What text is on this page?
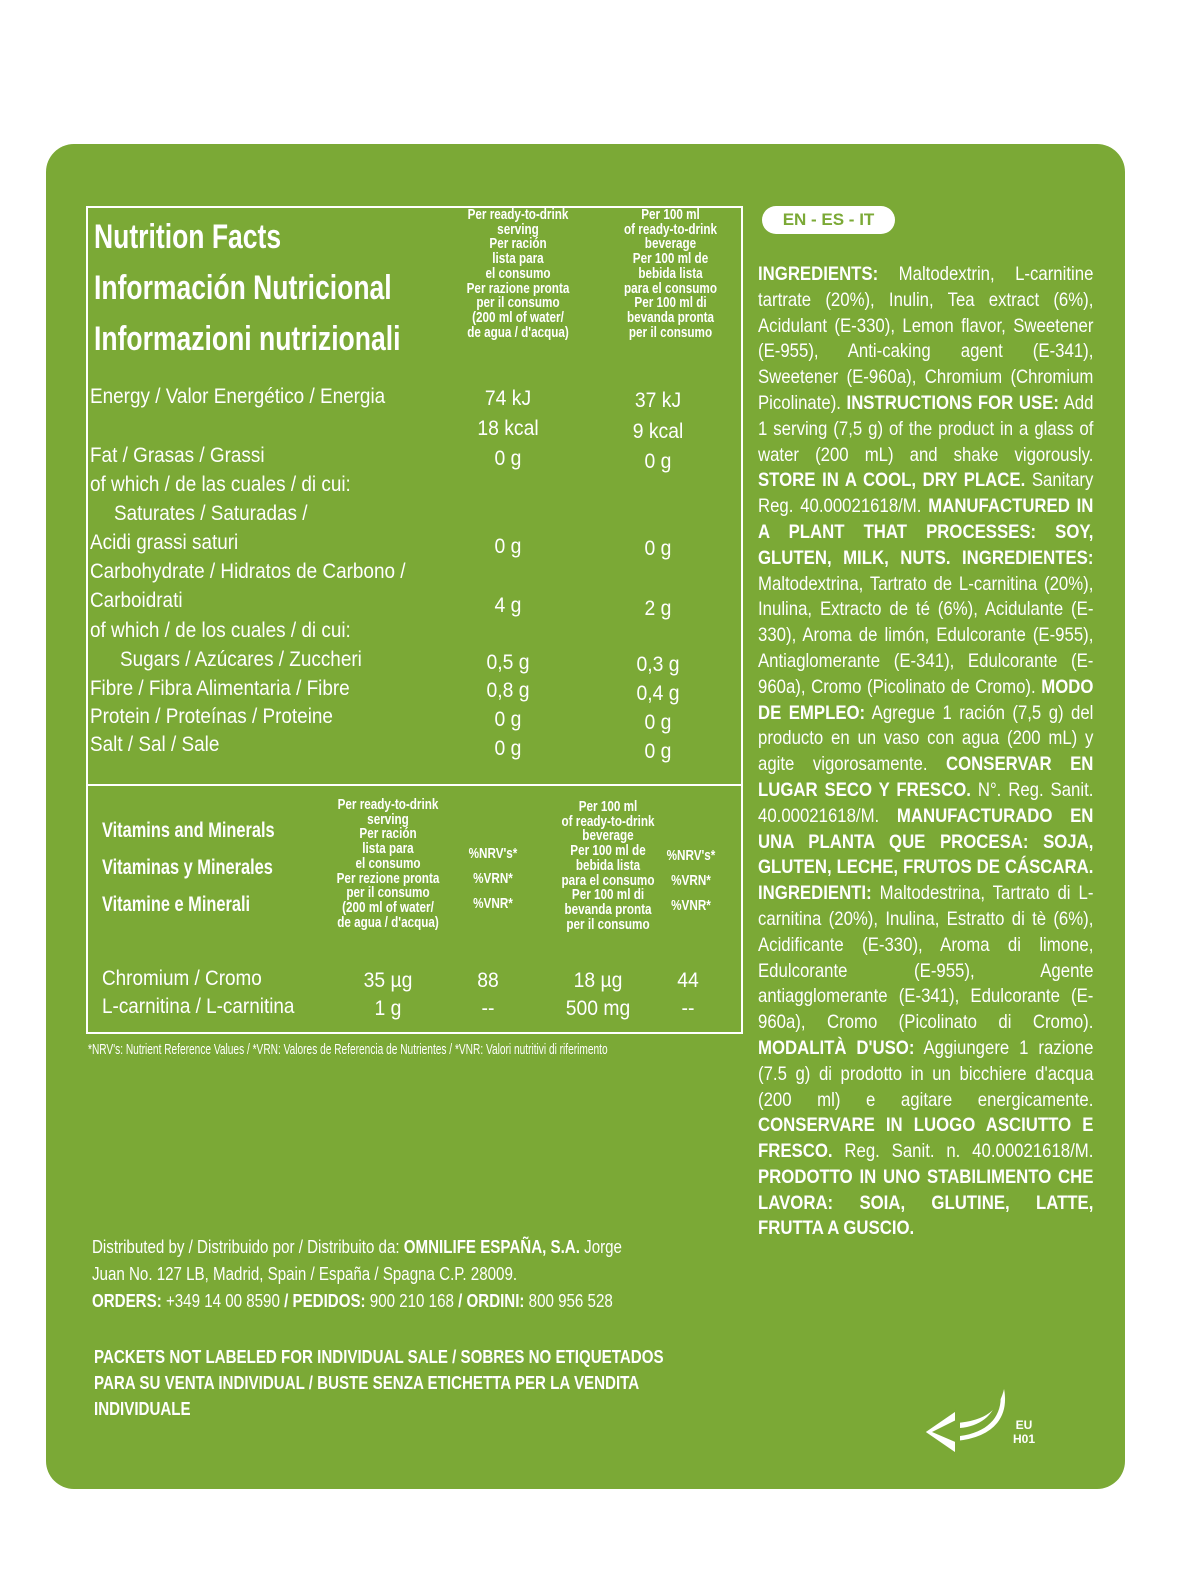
Nutrition Facts
Información Nutricional
Informazioni nutrizionali
Per ready-to-drink
serving
Per ración
lista para
el consumo
Per razione pronta
per il consumo
(200 ml of water/
de agua / d'acqua)
Per 100 ml
of ready-to-drink
beverage
Per 100 ml de
bebida lista
para el consumo
Per 100 ml di
bevanda pronta
per il consumo
Energy / Valor Energético / Energia
Fat / Grasas / Grassi
of which / de las cuales / di cui:
Saturates / Saturadas /
Acidi grassi saturi
Carbohydrate / Hidratos de Carbono /
Carboidrati
of which / de los cuales / di cui:
Sugars / Azúcares / Zuccheri
Fibre / Fibra Alimentaria / Fibre
Protein / Proteínas / Proteine
Salt / Sal / Sale
74 kJ
18 kcal
0 g
0 g
4 g
0,5 g
0,8 g
0 g
0 g
37 kJ
9 kcal
0 g
0 g
2 g
0,3 g
0,4 g
0 g
0 g
Vitamins and Minerals
Vitaminas y Minerales
Vitamine e Minerali
Per ready-to-drink
serving
Per ración
lista para
el consumo
Per rezione pronta
per il consumo
(200 ml of water/
de agua / d'acqua)
%NRV's*
%VRN*
%VNR*
Per 100 ml
of ready-to-drink
beverage
Per 100 ml de
bebida lista
para el consumo
Per 100 ml di
bevanda pronta
per il consumo
%NRV's*
%VRN*
%VNR*
Chromium / Cromo
L-carnitina / L-carnitina
35 µg
1 g
88
--
18 µg
500 mg
44
--
*NRV's: Nutrient Reference Values / *VRN: Valores de Referencia de Nutrientes / *VNR: Valori nutritivi di riferimento
Distributed by / Distribuido por / Distribuito da: OMNILIFE ESPAÑA, S.A. Jorge
Juan No. 127 LB, Madrid, Spain / España / Spagna C.P. 28009.
ORDERS: +349 14 00 8590 / PEDIDOS: 900 210 168 / ORDINI: 800 956 528
PACKETS NOT LABELED FOR INDIVIDUAL SALE / SOBRES NO ETIQUETADOS
PARA SU VENTA INDIVIDUAL / BUSTE SENZA ETICHETTA PER LA VENDITA
INDIVIDUALE
EN - ES - IT
INGREDIENTS: Maltodextrin, L-carnitine tartrate (20%), Inulin, Tea extract (6%), Acidulant (E-330), Lemon flavor, Sweetener (E-955), Anti-caking agent (E-341), Sweetener (E-960a), Chromium (Chromium Picolinate). INSTRUCTIONS FOR USE: Add 1 serving (7,5 g) of the product in a glass of water (200 mL) and shake vigorously. STORE IN A COOL, DRY PLACE. Sanitary Reg. 40.00021618/M. MANUFACTURED IN A PLANT THAT PROCESSES: SOY, GLUTEN, MILK, NUTS. INGREDIENTES: Maltodextrina, Tartrato de L-carnitina (20%), Inulina, Extracto de té (6%), Acidulante (E-330), Aroma de limón, Edulcorante (E-955), Antiaglomerante (E-341), Edulcorante (E-960a), Cromo (Picolinato de Cromo). MODO DE EMPLEO: Agregue 1 ración (7,5 g) del producto en un vaso con agua (200 mL) y agite vigorosamente. CONSERVAR EN LUGAR SECO Y FRESCO. N°. Reg. Sanit. 40.00021618/M. MANUFACTURADO EN UNA PLANTA QUE PROCESA: SOJA, GLUTEN, LECHE, FRUTOS DE CÁSCARA. INGREDIENTI: Maltodestrina, Tartrato di L-carnitina (20%), Inulina, Estratto di tè (6%), Acidificante (E-330), Aroma di limone, Edulcorante (E-955), Agente antiagglomerante (E-341), Edulcorante (E-960a), Cromo (Picolinato di Cromo). MODALITÀ D'USO: Aggiungere 1 razione (7.5 g) di prodotto in un bicchiere d'acqua (200 ml) e agitare energicamente. CONSERVARE IN LUOGO ASCIUTTO E FRESCO. Reg. Sanit. n. 40.00021618/M. PRODOTTO IN UNO STABILIMENTO CHE LAVORA: SOIA, GLUTINE, LATTE, FRUTTA A GUSCIO.
EU
H01
